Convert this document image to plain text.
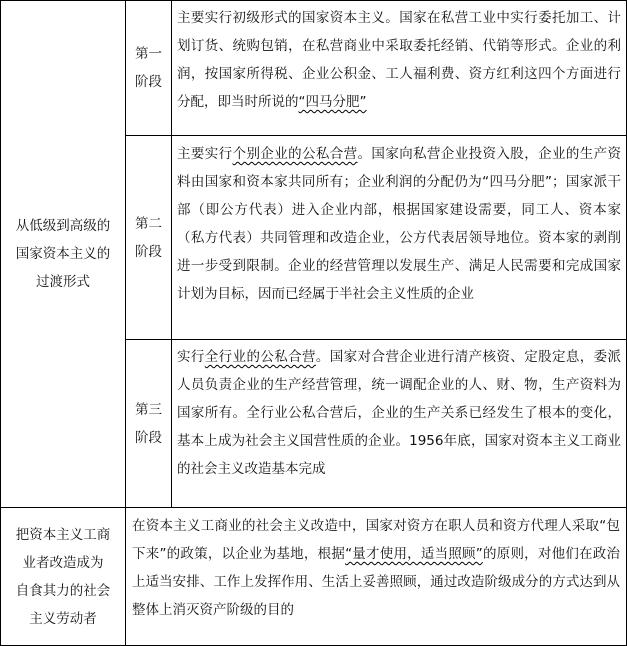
从低级到高级的
国家资本主义的
过渡形式
第一
阶段
主要实行初级形式的国家资本主义。国家在私营工业中实行委托加工、计划订货、统购包销，在私营商业中采取委托经销、代销等形式。企业的利润，按国家所得税、企业公积金、工人福利费、资方红利这四个方面进行分配，即当时所说的“四马分肥”
第二
阶段
主要实行个别企业的公私合营。国家向私营企业投资入股，企业的生产资料由国家和资本家共同所有；企业利润的分配仍为“四马分肥”；国家派干部（即公方代表）进入企业内部，根据国家建设需要，同工人、资本家（私方代表）共同管理和改造企业，公方代表居领导地位。资本家的剥削进一步受到限制。企业的经营管理以发展生产、满足人民需要和完成国家计划为目标，因而已经属于半社会主义性质的企业
第三
阶段
实行全行业的公私合营。国家对合营企业进行清产核资、定股定息，委派人员负责企业的生产经营管理，统一调配企业的人、财、物，生产资料为国家所有。全行业公私合营后，企业的生产关系已经发生了根本的变化，基本上成为社会主义国营性质的企业。1956年底，国家对资本主义工商业的社会主义改造基本完成
把资本主义工商
业者改造成为
自食其力的社会
主义劳动者
在资本主义工商业的社会主义改造中，国家对资方在职人员和资方代理人采取“包下来”的政策，以企业为基地，根据“量才使用，适当照顾”的原则，对他们在政治上适当安排、工作上发挥作用、生活上妥善照顾，通过改造阶级成分的方式达到从整体上消灭资产阶级的目的
